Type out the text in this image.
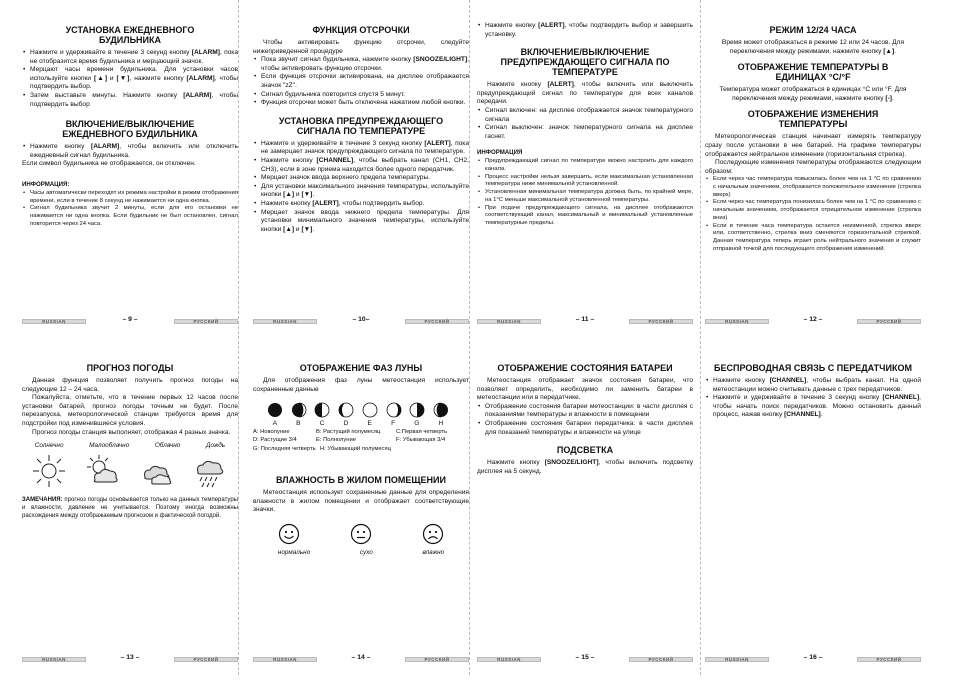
УСТАНОВКА ЕЖЕДНЕВНОГО БУДИЛЬНИКА
• Нажмите и удерживайте в течение 3 секунд кнопку [ALARM], пока не отобразится время будильника и мерцающий значок.
• Мерцают часы времени будильника. Для установки часов используйте кнопки [▲] и [▼], нажмите кнопку [ALARM], чтобы подтвердить выбор.
• Затем выставьте минуты. Нажмите кнопку [ALARM], чтобы подтвердить выбор
ВКЛЮЧЕНИЕ/ВЫКЛЮЧЕНИЕ ЕЖЕДНЕВНОГО БУДИЛЬНИКА
• Нажмите кнопку [ALARM], чтобы включить или отключить ежедневный сигнал будильника.

Если символ будильника не отображается, он отключен.

ИНФОРМАЦИЯ:
• Часы автоматически переходят из режима настройки в режим отображения времени, если в течение 8 секунд не нажимается ни одна кнопка.
• Сигнал будильника звучит 2 минуты, если для его остановки не нажимается ни одна кнопка. Если будильник не был остановлен, сигнал повторится через 24 часа.
RUSSIAN	– 9 –	РУССКИЙ
ФУНКЦИЯ ОТСРОЧКИ

Чтобы активировать функцию отсрочки, следуйте нижеприведенной процедуре

• Пока звучит сигнал будильника, нажмите кнопку [SNOOZE/LIGHT], чтобы активировать функцию отсрочки.
• Если функция отсрочки активирована, на дисплее отображается значок "zZ".
• Сигнал будильника повторится спустя 5 минут.
• Функция отсрочки может быть отключена нажатием любой кнопки.
УСТАНОВКА ПРЕДУПРЕЖДАЮЩЕГО СИГНАЛА ПО ТЕМПЕРАТУРЕ
• Нажмите и удерживайте в течение 3 секунд кнопку [ALERT], пока не замерцает значок предупреждающего сигнала по температуре.
• Нажмите кнопку [CHANNEL], чтобы выбрать канал (CH1, CH2, CH3), если в зоне приема находится более одного передатчик.
• Мерцает значок ввода верхнего предела температуры.
• Для установки максимального значения температуры, используйте кнопки [▲] и [▼].
• Нажмите кнопку [ALERT], чтобы подтвердить выбор.
• Мерцает значок ввода нижнего предела температуры. Для установки минимального значения температуры, используйте кнопки [▲] и [▼].
RUSSIAN	– 10–	РУССКИЙ
• Нажмите кнопку [ALERT], чтобы подтвердить выбор и завершить установку.
ВКЛЮЧЕНИЕ/ВЫКЛЮЧЕНИЕ ПРЕДУПРЕЖДАЮЩЕГО СИГНАЛА ПО ТЕМПЕРАТУРЕ

Нажмите кнопку [ALERT], чтобы включить или выключить предупреждающий сигнал по температуре для всех каналов передачи.

• Сигнал включен: на дисплее отображается значок температурного сигнала
• Сигнал выключен: значок температурного сигнала на дисплее гаснет.
ИНФОРМАЦИЯ
• Предупреждающий сигнал по температуре можно настроить для каждого канала.
• Процесс настройки нельзя завершить, если максимальная установленная температура ниже минимальной установленной.
• Установленная минимальная температура должна быть, по крайней мере, на 1°C меньше максимальной установленной температуры.
• При подаче предупреждающего сигнала, на дисплее отображаются соответствующий канал, максимальный и минимальный установленные температурные пределы.
RUSSIAN	– 11 –	РУССКИЙ
РЕЖИМ 12/24 ЧАСА

Время может отображаться в режиме 12 или 24 часов. Для переключения между режимами, нажмите кнопку [▲].

ОТОБРАЖЕНИЕ ТЕМПЕРАТУРЫ В ЕДИНИЦАХ °C/°F

Температура может отображаться в единицах °C или °F. Для переключения между режимами, нажмите кнопку [-].

ОТОБРАЖЕНИЕ ИЗМЕНЕНИЯ ТЕМПЕРАТУРЫ

Метеорологическая станция начинает измерять температуру сразу после установки в нее батарей. На графике температуры отображается нейтральное изменение (горизонтальная стрелка).

Последующие изменения температуры отображаются следующим образом:

• Если через час температура повысилась более чем на 1 °C по сравнению с начальным значением, отображается положительное изменение (стрелка вверх)
• Если через час температура понизилась более чем на 1 °C по сравнению с начальным значением, отображается отрицательное изменение (стрелка вниз)
• Если в течение часа температура остается неизменной, стрелка вверх или, соответственно, стрелка вниз сменяются горизонтальной стрелкой. Данная температура теперь играет роль нейтрального значения и служит отправной точкой для последующего отображения изменений.
RUSSIAN	– 12 –	РУССКИЙ
ПРОГНОЗ ПОГОДЫ

Данная функция позволяет получить прогноз погоды на следующие 12 – 24 часа.

Пожалуйста, отметьте, что в течение первых 12 часов после установки батарей, прогноз погоды точным не будет. После перезапуска, метеорологической станции требуется время для подстройки под изменившиеся условия.

Прогноз погоды станция выполняет, отображая 4 разных значка.

Солнечно	Малооблачно	Облачно	Дождь

ЗАМЕЧАНИЯ: прогноз погоды основывается только на данных температуры и влажности, давление не учитывается. Поэтому иногда возможны расхождения между отображаемым прогнозом и фактической погодой.

RUSSIAN	– 13 –	РУССКИЙ
ОТОБРАЖЕНИЕ ФАЗ ЛУНЫ

Для отображения фаз луны метеостанция использует сохраненные данные

A	B	C	D	E	F	G	H
A: Новолуние	B: Растущий полумесяц	C:Первая четверть
D: Растущие 3/4	E: Полнолуние	F: Убывающая 3/4
G: Последняя четверть H: Убывающий полумесяц
ВЛАЖНОСТЬ В ЖИЛОМ ПОМЕЩЕНИИ

Метеостанция использует сохраненные данные для определения влажности в жилом помещении и отображает соответствующие значки.

нормально	сухо	влажно
RUSSIAN	– 14 –	РУССКИЙ
ОТОБРАЖЕНИЕ СОСТОЯНИЯ БАТАРЕИ

Метеостанция отображает значок состояния батареи, что позволяет определить, необходимо ли заменить батареи в метеостанции или в передатчике.

• Отображение состояния батареи метеостанции: в части дисплея с показаниями температуры и влажности в помещении
• Отображение состояния батареи передатчика: в части дисплея для показаний температуры и влажности на улице
ПОДСВЕТКА

Нажмите кнопку [SNOOZE/LIGHT], чтобы включить подсветку дисплея на 5 секунд.

RUSSIAN	– 15 –	РУССКИЙ
БЕСПРОВОДНАЯ СВЯЗЬ С ПЕРЕДАТЧИКОМ
• Нажмите кнопку [CHANNEL], чтобы выбрать канал. На одной метеостанции можно считывать данные с трех передатчиков.
• Нажмите и удерживайте в течение 3 секунд кнопку [CHANNEL], чтобы начать поиск передатчиков. Можно остановить данный процесс, нажав кнопку [CHANNEL].
RUSSIAN	– 16 –	РУССКИЙ
